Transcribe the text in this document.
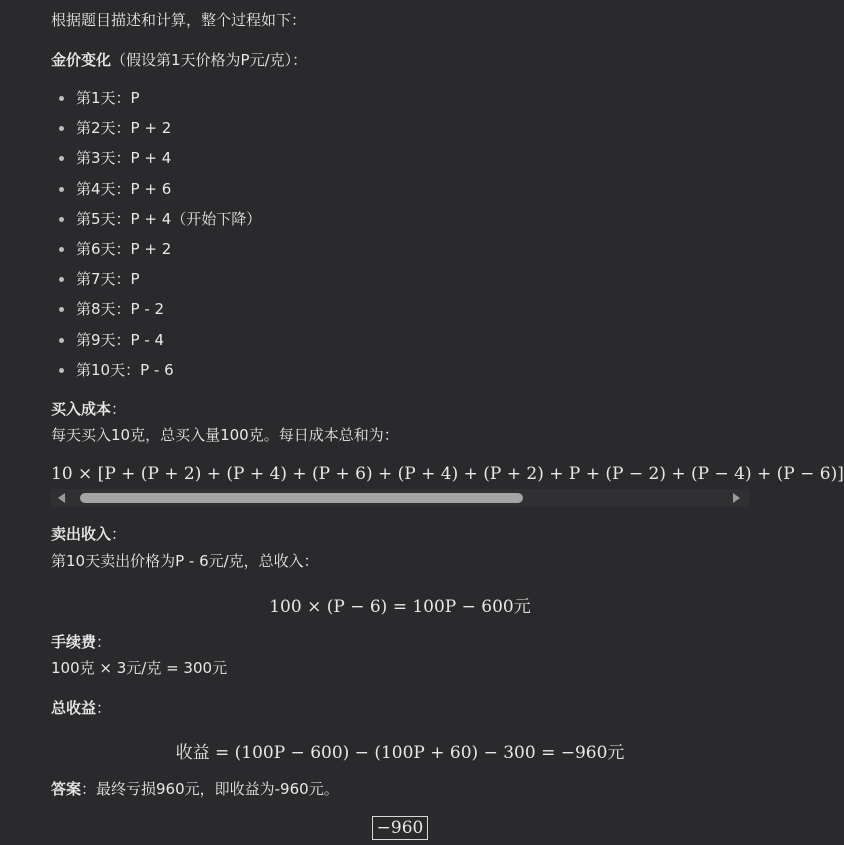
根据题目描述和计算，整个过程如下：
金价变化（假设第1天价格为P元/克）：
第1天：P
第2天：P + 2
第3天：P + 4
第4天：P + 6
第5天：P + 4（开始下降）
第6天：P + 2
第7天：P
第8天：P - 2
第9天：P - 4
第10天：P - 6
买入成本：
每天买入10克，总买入量100克。每日成本总和为：
10 × [P + (P + 2) + (P + 4) + (P + 6) + (P + 4) + (P + 2) + P + (P − 2) + (P − 4) + (P − 6)]
卖出收入：
第10天卖出价格为P - 6元/克，总收入：
100 × (P − 6) = 100P − 600元
手续费：
100克 × 3元/克 = 300元
总收益：
收益 = (100P − 600) − (100P + 60) − 300 = −960元
答案：最终亏损960元，即收益为-960元。
−960
